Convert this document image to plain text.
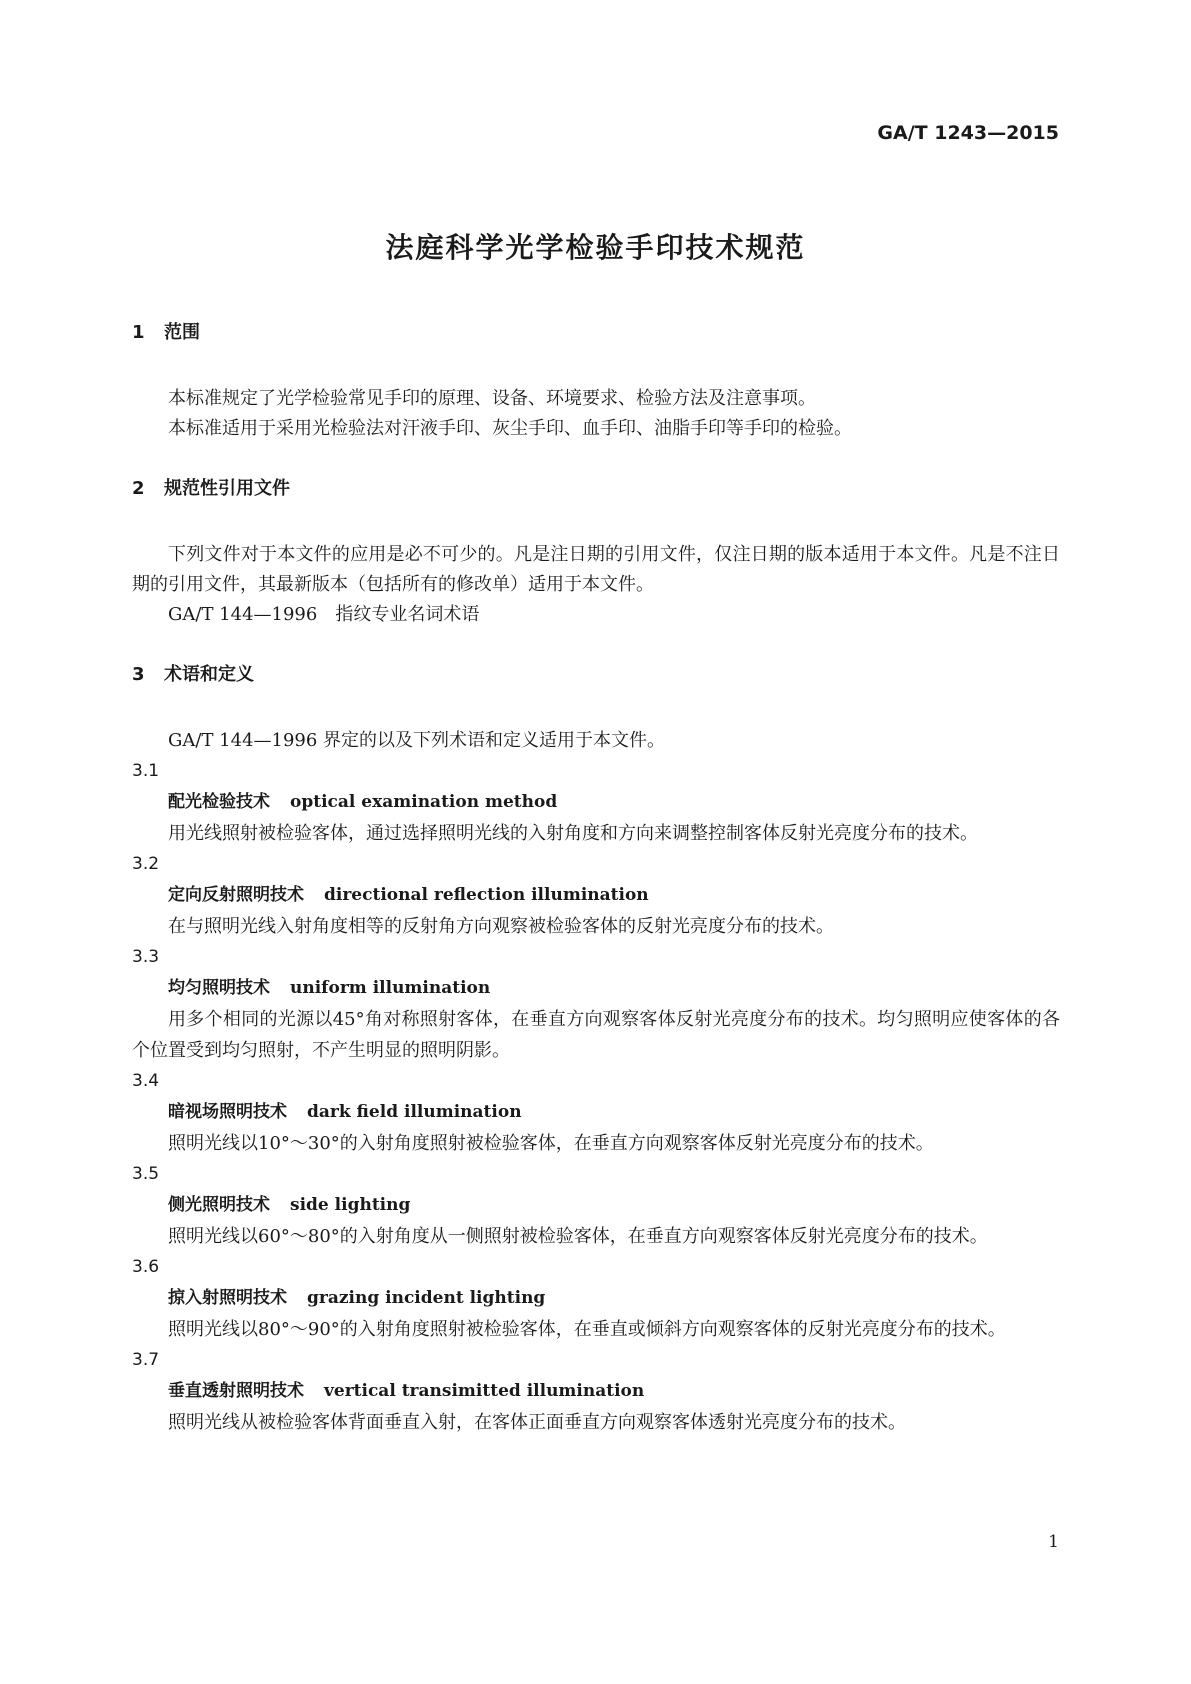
GA/T 1243—2015
法庭科学光学检验手印技术规范
1 范围

本标准规定了光学检验常见手印的原理、设备、环境要求、检验方法及注意事项。

本标准适用于采用光检验法对汗液手印、灰尘手印、血手印、油脂手印等手印的检验。

2 规范性引用文件

下列文件对于本文件的应用是必不可少的。凡是注日期的引用文件，仅注日期的版本适用于本文件。凡是不注日期的引用文件，其最新版本（包括所有的修改单）适用于本文件。

GA/T 144—1996 指纹专业名词术语
3 术语和定义

GA/T 144—1996 界定的以及下列术语和定义适用于本文件。

3.1
配光检验技术 optical examination method

用光线照射被检验客体，通过选择照明光线的入射角度和方向来调整控制客体反射光亮度分布的技术。

3.2
定向反射照明技术 directional reflection illumination

在与照明光线入射角度相等的反射角方向观察被检验客体的反射光亮度分布的技术。

3.3
均匀照明技术 uniform illumination

用多个相同的光源以45°角对称照射客体，在垂直方向观察客体反射光亮度分布的技术。均匀照明应使客体的各个位置受到均匀照射，不产生明显的照明阴影。

3.4
暗视场照明技术 dark field illumination

照明光线以10°～30°的入射角度照射被检验客体，在垂直方向观察客体反射光亮度分布的技术。

3.5
侧光照明技术 side lighting

照明光线以60°～80°的入射角度从一侧照射被检验客体，在垂直方向观察客体反射光亮度分布的技术。

3.6
掠入射照明技术 grazing incident lighting

照明光线以80°～90°的入射角度照射被检验客体，在垂直或倾斜方向观察客体的反射光亮度分布的技术。

3.7
垂直透射照明技术 vertical transimitted illumination

照明光线从被检验客体背面垂直入射，在客体正面垂直方向观察客体透射光亮度分布的技术。

1
